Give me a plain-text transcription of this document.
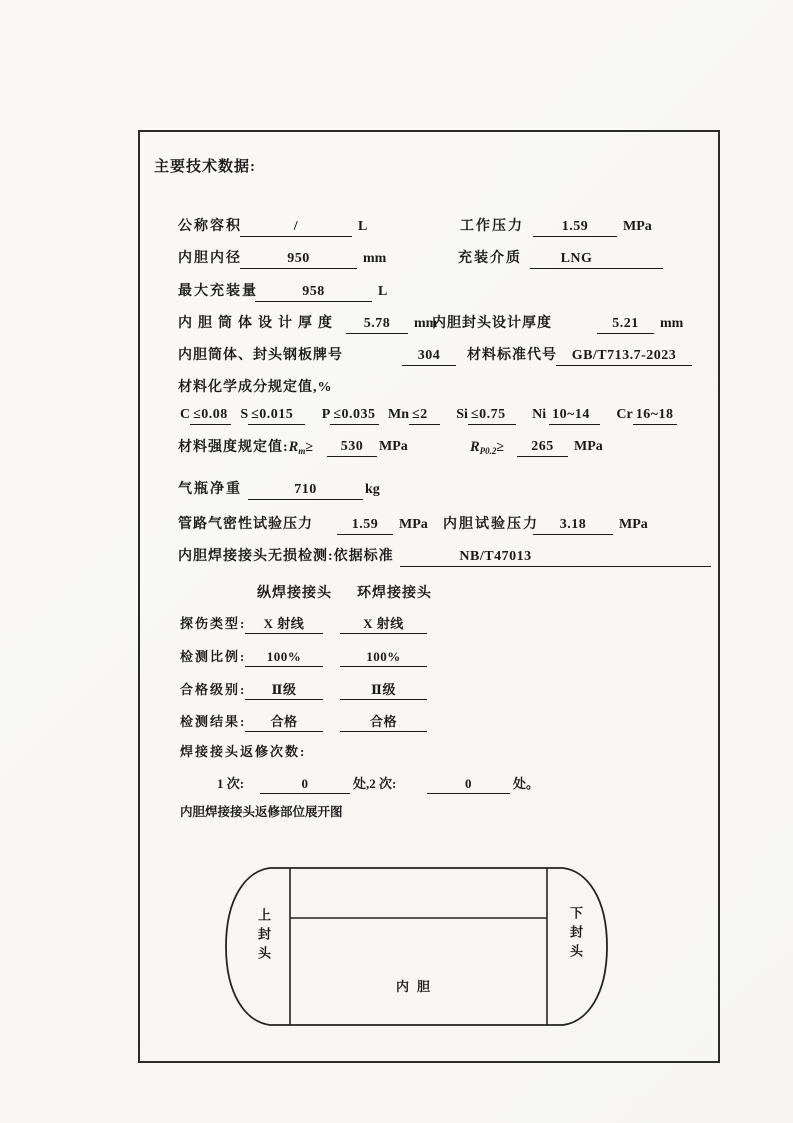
主要技术数据:
公称容积	/	L	工作压力	1.59 MPa
内胆内径	950	mm	充装介质	LNG
最大充装量	958	L
内胆筒体设计厚度	5.78 mm
内胆封头设计厚度	5.21 mm
内胆筒体、封头钢板牌号	304	材料标准代号	GB/T713.7-2023
材料化学成分规定值,%
C ≤0.08 S ≤0.015 P ≤0.035 Mn ≤2 Si ≤0.75 Ni 10~14 Cr 16~18
材料强度规定值$:R_m\ge$	530 MPa	$R_{P0.2}\ge$	265 MPa
气瓶净重	710	kg
管路气密性试验压力	1.59 MPa 内胆试验压力	3.18 MPa
内胆焊接接头无损检测:依据标准	NB/T47013
纵焊接接头 环焊接接头
探伤类型:	X 射线	X 射线
检测比例:	100%	100%
合格级别:	Ⅱ级	Ⅱ级
检测结果:	合格	合格
焊接接头返修次数:
1 次:	0	处,2 次:	0	处。
内胆焊接接头返修部位展开图
上封头	下封头
内胆
